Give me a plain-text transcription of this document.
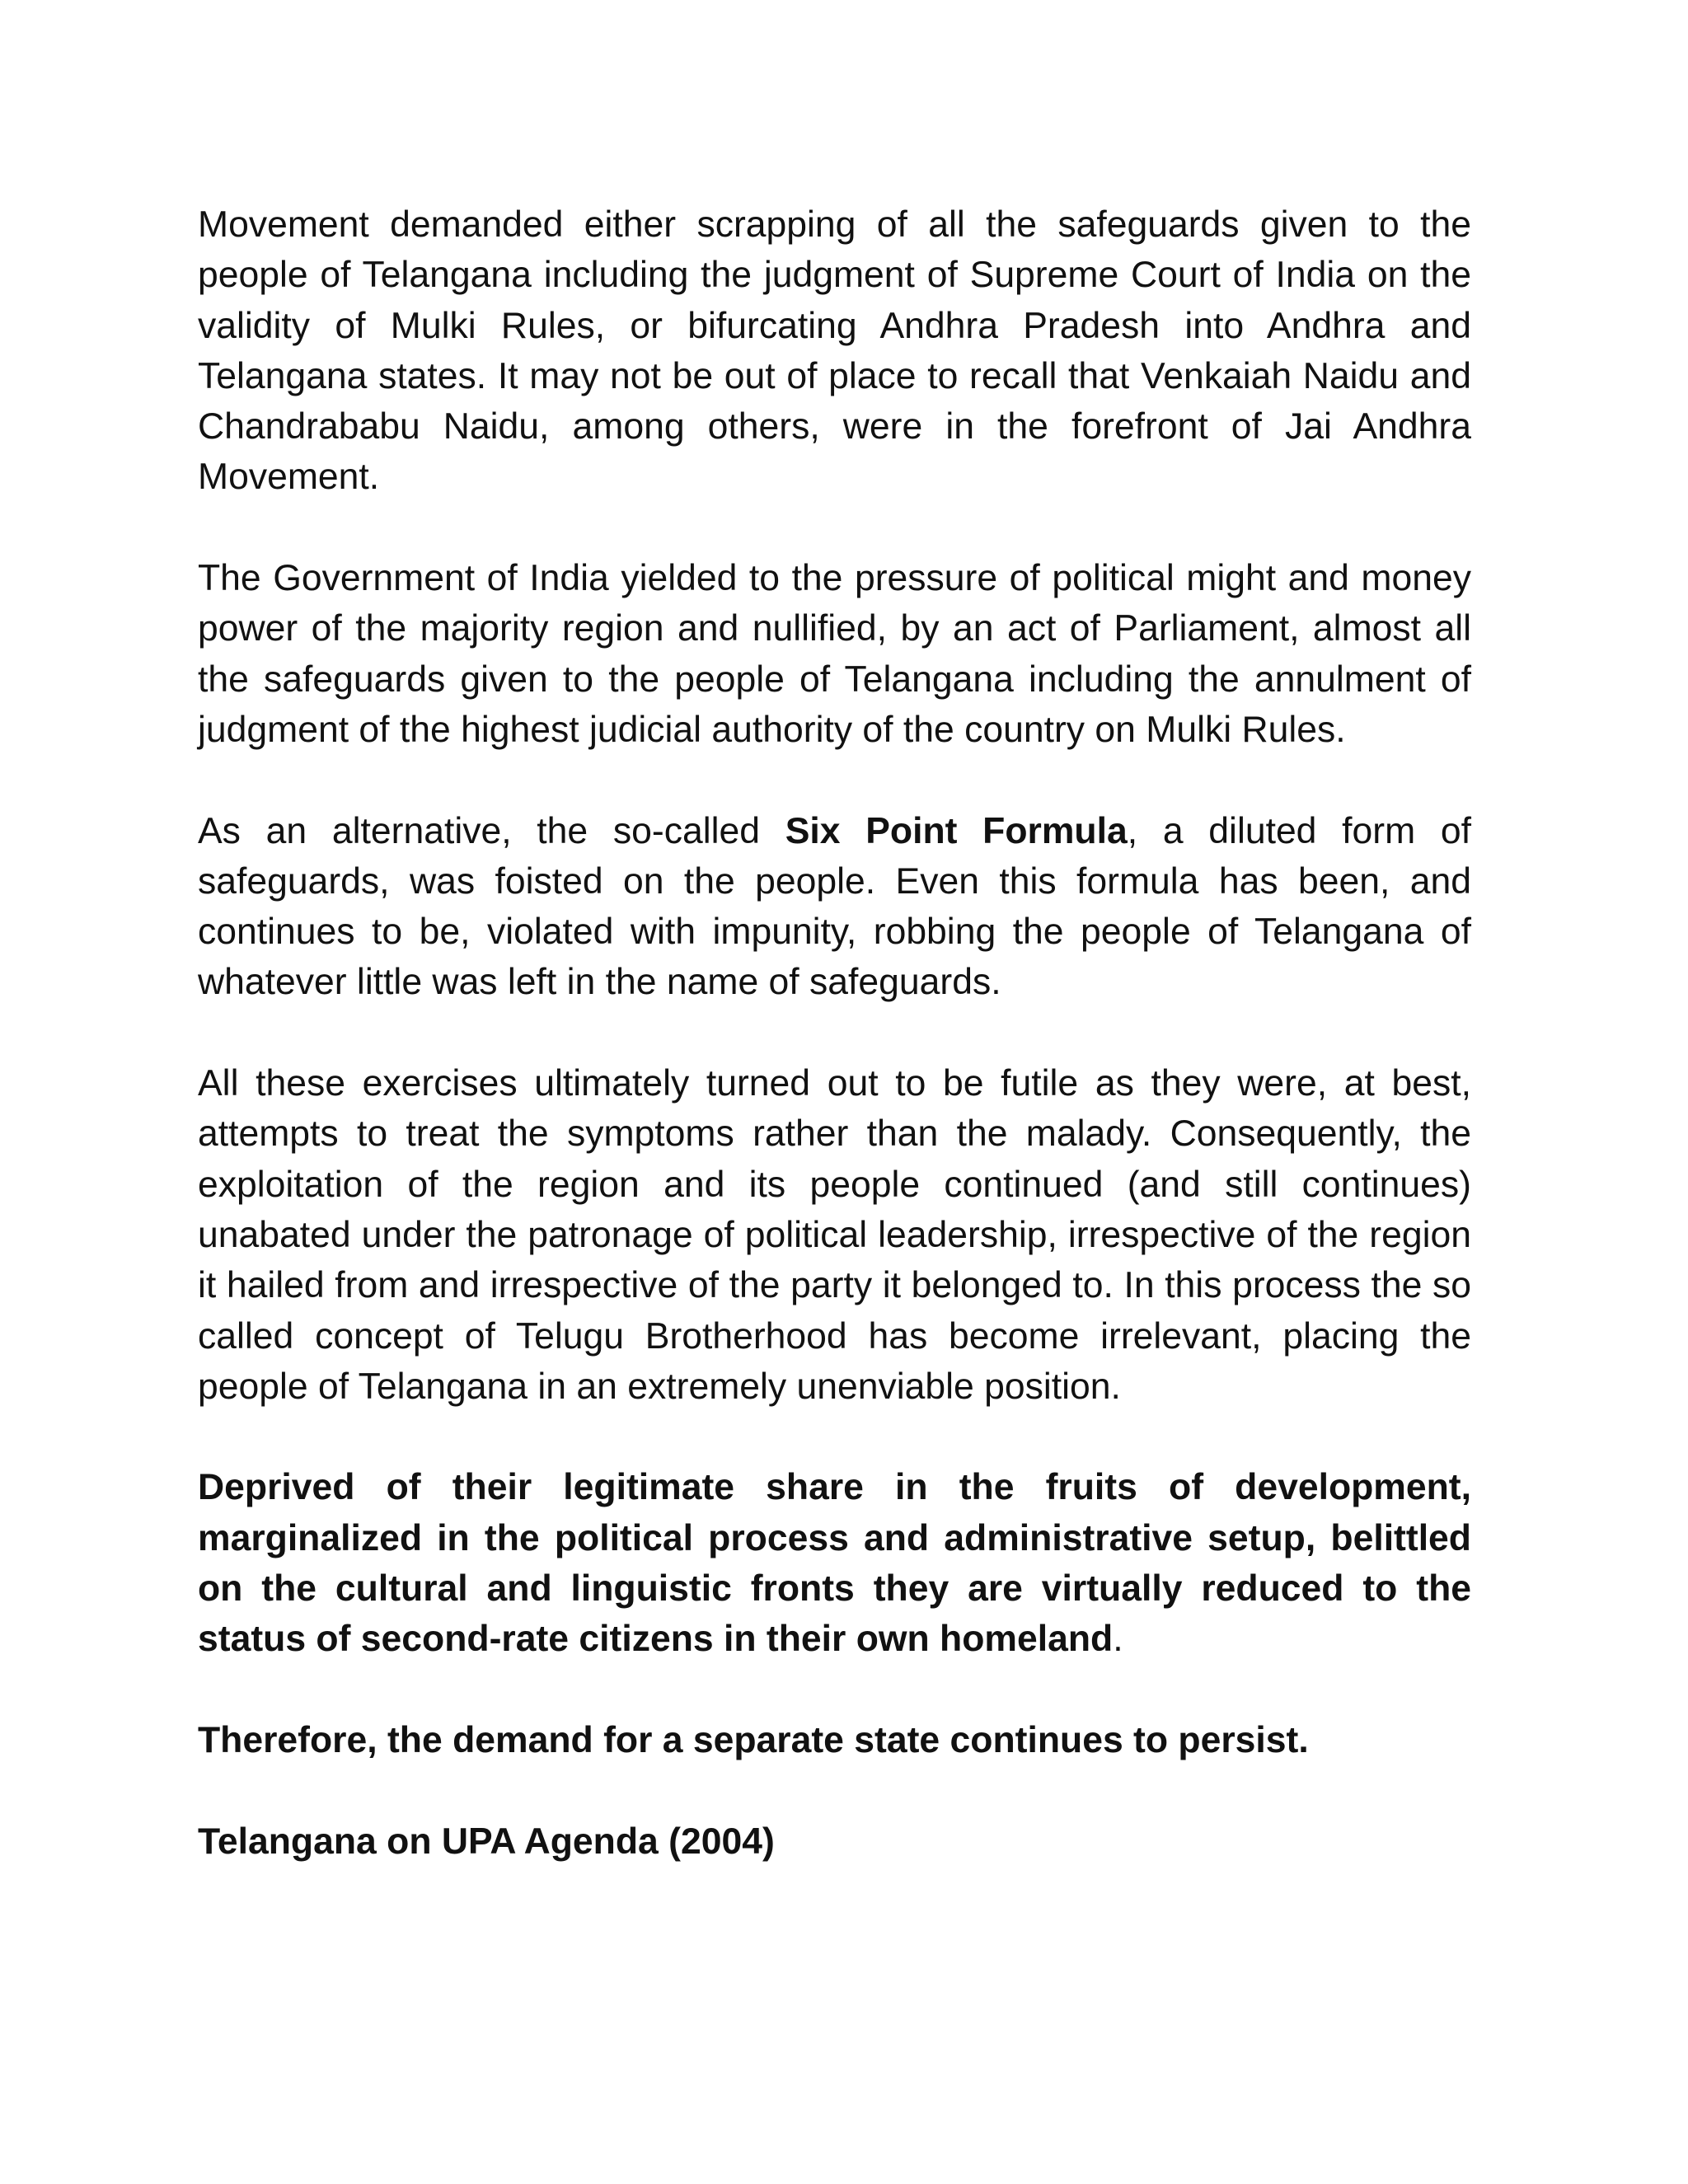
Movement demanded either scrapping of all the safeguards given to the people of Telangana including the judgment of Supreme Court of India on the validity of Mulki Rules, or bifurcating Andhra Pradesh into Andhra and Telangana states. It may not be out of place to recall that Venkaiah Naidu and Chandrababu Naidu, among others, were in the forefront of Jai Andhra Movement.

The Government of India yielded to the pressure of political might and money power of the majority region and nullified, by an act of Parliament, almost all the safeguards given to the people of Telangana including the annulment of judgment of the highest judicial authority of the country on Mulki Rules.

As an alternative, the so-called Six Point Formula, a diluted form of safeguards, was foisted on the people. Even this formula has been, and continues to be, violated with impunity, robbing the people of Telangana of whatever little was left in the name of safeguards.

All these exercises ultimately turned out to be futile as they were, at best, attempts to treat the symptoms rather than the malady. Consequently, the exploitation of the region and its people continued (and still continues) unabated under the patronage of political leadership, irrespective of the region it hailed from and irrespective of the party it belonged to. In this process the so called concept of Telugu Brotherhood has become irrelevant, placing the people of Telangana in an extremely unenviable position.

Deprived of their legitimate share in the fruits of development, marginalized in the political process and administrative setup, belittled on the cultural and linguistic fronts they are virtually reduced to the status of second-rate citizens in their own homeland.

Therefore, the demand for a separate state continues to persist.

Telangana on UPA Agenda (2004)
